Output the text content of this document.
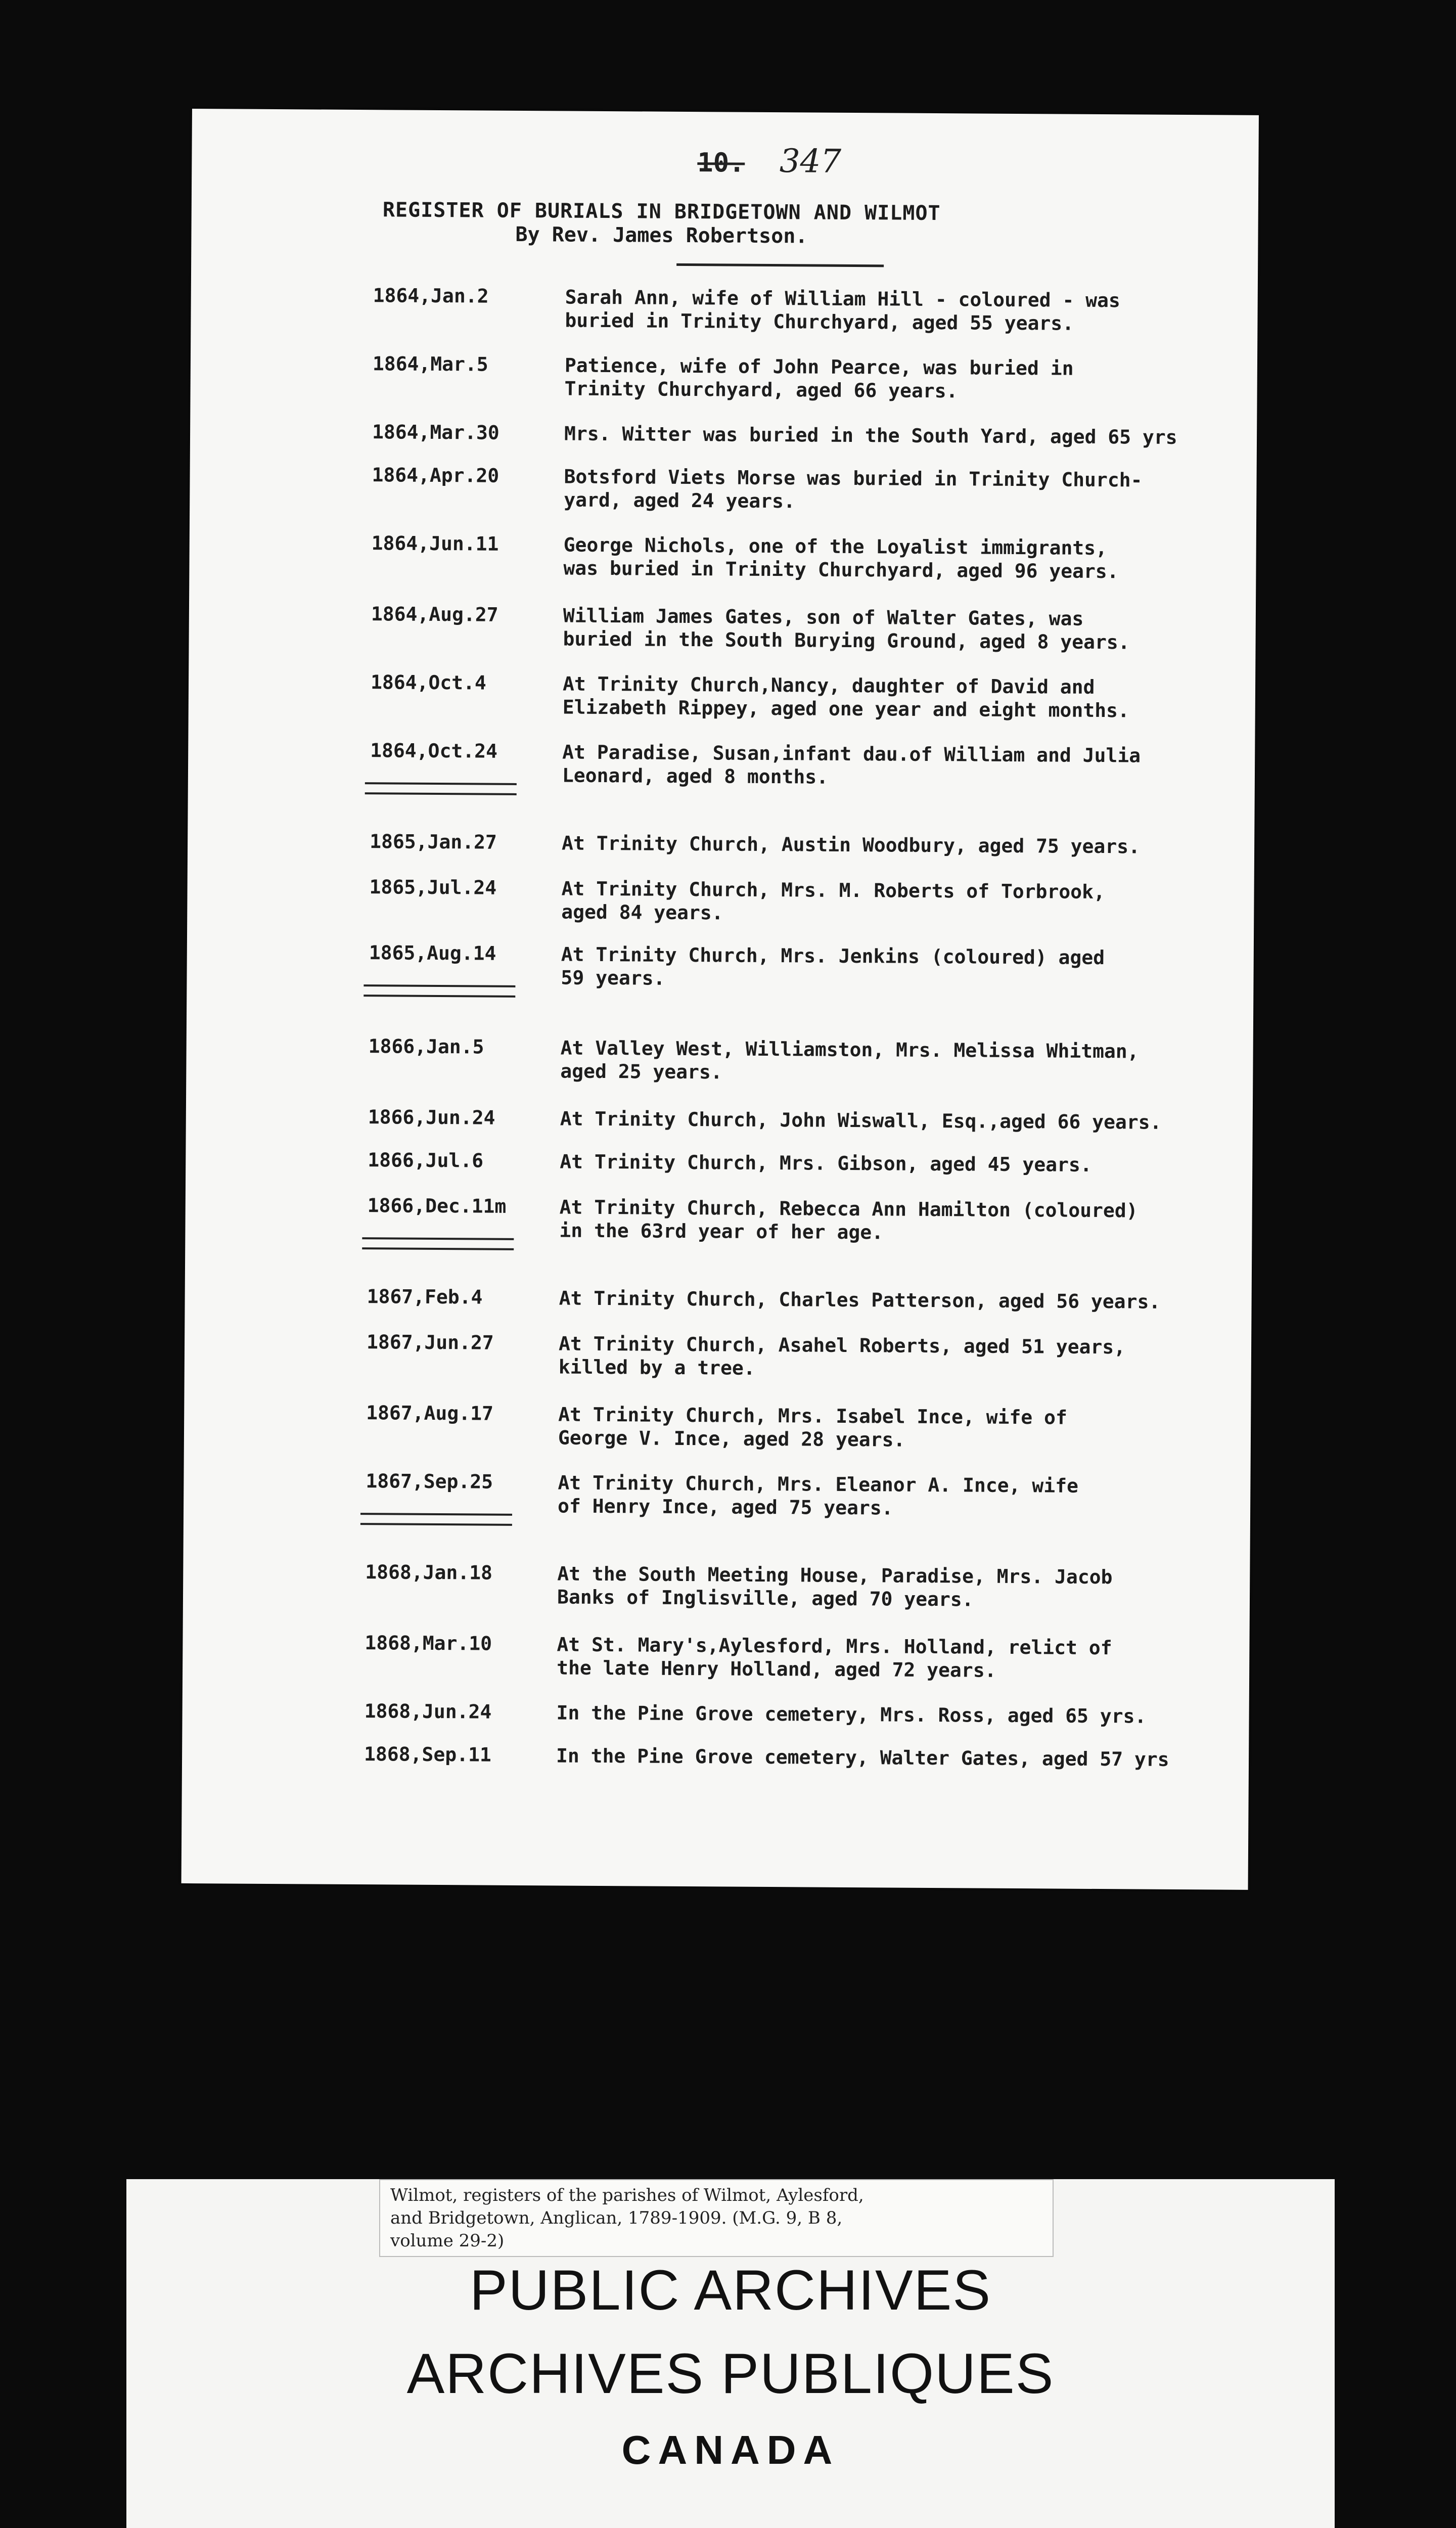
10. 347
REGISTER OF BURIALS IN BRIDGETOWN AND WILMOT
By Rev. James Robertson.
1864,Jan.2	Sarah Ann, wife of William Hill - coloured - was
buried in Trinity Churchyard, aged 55 years.
1864,Mar.5	Patience, wife of John Pearce, was buried in
Trinity Churchyard, aged 66 years.
1864,Mar.30	Mrs. Witter was buried in the South Yard, aged 65 yrs
1864,Apr.20	Botsford Viets Morse was buried in Trinity Church-
yard, aged 24 years.
1864,Jun.11	George Nichols, one of the Loyalist immigrants,
was buried in Trinity Churchyard, aged 96 years.
1864,Aug.27	William James Gates, son of Walter Gates, was
buried in the South Burying Ground, aged 8 years.
1864,Oct.4	At Trinity Church,Nancy, daughter of David and
Elizabeth Rippey, aged one year and eight months.
1864,Oct.24	At Paradise, Susan,infant dau.of William and Julia
Leonard, aged 8 months.
1865,Jan.27	At Trinity Church, Austin Woodbury, aged 75 years.
1865,Jul.24	At Trinity Church, Mrs. M. Roberts of Torbrook,
aged 84 years.
1865,Aug.14	At Trinity Church, Mrs. Jenkins (coloured) aged
59 years.
1866,Jan.5	At Valley West, Williamston, Mrs. Melissa Whitman,
aged 25 years.
1866,Jun.24	At Trinity Church, John Wiswall, Esq.,aged 66 years.
1866,Jul.6	At Trinity Church, Mrs. Gibson, aged 45 years.
1866,Dec.11m	At Trinity Church, Rebecca Ann Hamilton (coloured)
in the 63rd year of her age.
1867,Feb.4	At Trinity Church, Charles Patterson, aged 56 years.
1867,Jun.27	At Trinity Church, Asahel Roberts, aged 51 years,
killed by a tree.
1867,Aug.17	At Trinity Church, Mrs. Isabel Ince, wife of
George V. Ince, aged 28 years.
1867,Sep.25	At Trinity Church, Mrs. Eleanor A. Ince, wife
of Henry Ince, aged 75 years.
1868,Jan.18	At the South Meeting House, Paradise, Mrs. Jacob
Banks of Inglisville, aged 70 years.
1868,Mar.10	At St. Mary's,Aylesford, Mrs. Holland, relict of
the late Henry Holland, aged 72 years.
1868,Jun.24	In the Pine Grove cemetery, Mrs. Ross, aged 65 yrs.
1868,Sep.11	In the Pine Grove cemetery, Walter Gates, aged 57 yrs
Wilmot, registers of the parishes of Wilmot, Aylesford,
and Bridgetown, Anglican, 1789-1909. (M.G. 9, B 8,
volume 29-2)
PUBLIC ARCHIVES
ARCHIVES PUBLIQUES
CANADA
